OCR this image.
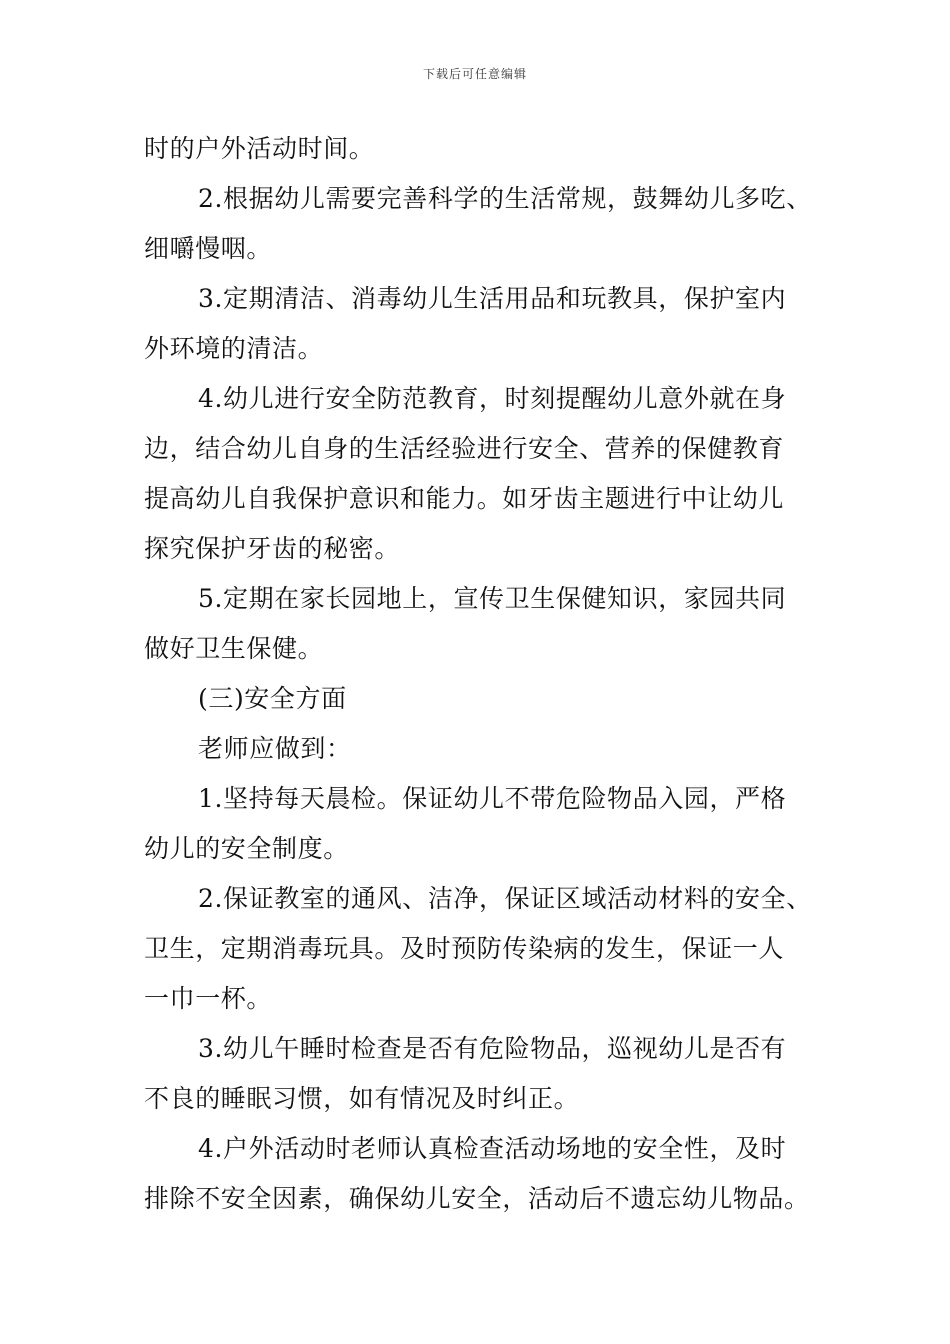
下载后可任意编辑

时的户外活动时间。

2.根据幼儿需要完善科学的生活常规，鼓舞幼儿多吃、

细嚼慢咽。

3.定期清洁、消毒幼儿生活用品和玩教具，保护室内

外环境的清洁。

4.幼儿进行安全防范教育，时刻提醒幼儿意外就在身

边，结合幼儿自身的生活经验进行安全、营养的保健教育

提高幼儿自我保护意识和能力。如牙齿主题进行中让幼儿

探究保护牙齿的秘密。

5.定期在家长园地上，宣传卫生保健知识，家园共同

做好卫生保健。

(三)安全方面

老师应做到：

1.坚持每天晨检。保证幼儿不带危险物品入园，严格

幼儿的安全制度。

2.保证教室的通风、洁净，保证区域活动材料的安全、

卫生，定期消毒玩具。及时预防传染病的发生，保证一人

一巾一杯。

3.幼儿午睡时检查是否有危险物品，巡视幼儿是否有

不良的睡眠习惯，如有情况及时纠正。

4.户外活动时老师认真检查活动场地的安全性，及时

排除不安全因素，确保幼儿安全，活动后不遗忘幼儿物品。
